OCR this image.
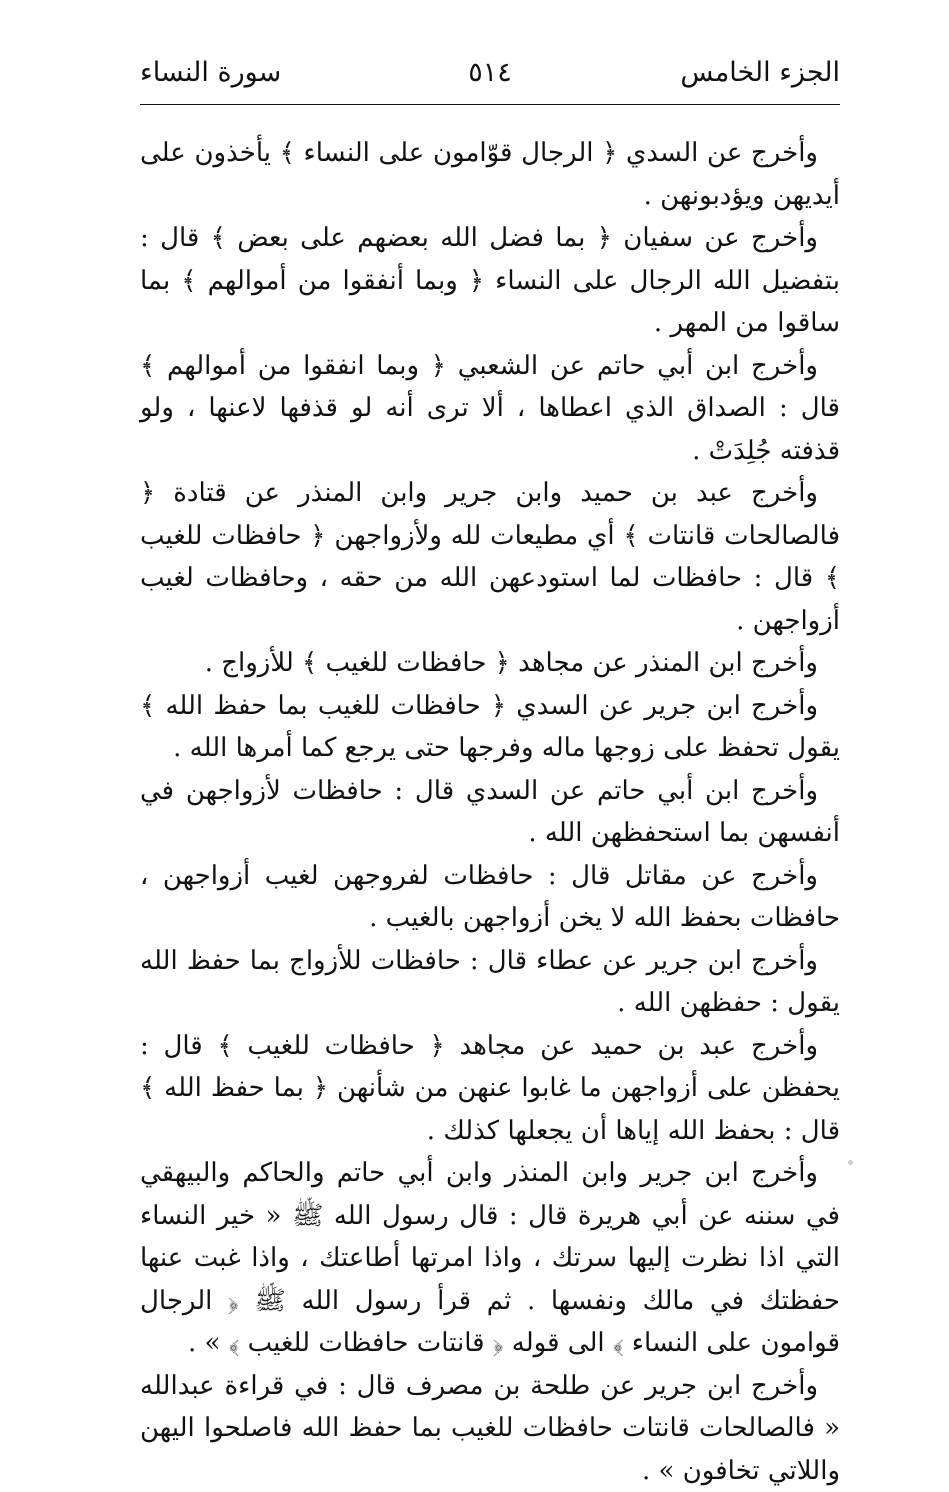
الجزء الخامس
٥١٤
سورة النساء

وأخرج عن السدي ﴿ الرجال قوّامون على النساء ﴾ يأخذون على أيديهن ويؤدبونهن .

وأخرج عن سفيان ﴿ بما فضل الله بعضهم على بعض ﴾ قال : بتفضيل الله الرجال على النساء ﴿ وبما أنفقوا من أموالهم ﴾ بما ساقوا من المهر .

وأخرج ابن أبي حاتم عن الشعبي ﴿ وبما انفقوا من أموالهم ﴾ قال : الصداق الذي اعطاها ، ألا ترى أنه لو قذفها لاعنها ، ولو قذفته جُلِدَتْ .

وأخرج عبد بن حميد وابن جرير وابن المنذر عن قتادة ﴿ فالصالحات قانتات ﴾ أي مطيعات لله ولأزواجهن ﴿ حافظات للغيب ﴾ قال : حافظات لما استودعهن الله من حقه ، وحافظات لغيب أزواجهن .

وأخرج ابن المنذر عن مجاهد ﴿ حافظات للغيب ﴾ للأزواج .

وأخرج ابن جرير عن السدي ﴿ حافظات للغيب بما حفظ الله ﴾ يقول تحفظ على زوجها ماله وفرجها حتى يرجع كما أمرها الله .

وأخرج ابن أبي حاتم عن السدي قال : حافظات لأزواجهن في أنفسهن بما استحفظهن الله .

وأخرج عن مقاتل قال : حافظات لفروجهن لغيب أزواجهن ، حافظات بحفظ الله لا يخن أزواجهن بالغيب .

وأخرج ابن جرير عن عطاء قال : حافظات للأزواج بما حفظ الله يقول : حفظهن الله .

وأخرج عبد بن حميد عن مجاهد ﴿ حافظات للغيب ﴾ قال : يحفظن على أزواجهن ما غابوا عنهن من شأنهن ﴿ بما حفظ الله ﴾ قال : بحفظ الله إياها أن يجعلها كذلك .

وأخرج ابن جرير وابن المنذر وابن أبي حاتم والحاكم والبيهقي في سننه عن أبي هريرة قال : قال رسول الله ﷺ « خير النساء التي اذا نظرت إليها سرتك ، واذا امرتها أطاعتك ، واذا غبت عنها حفظتك في مالك ونفسها . ثم قرأ رسول الله ﷺ ﴿ الرجال قوامون على النساء ﴾ الى قوله ﴿ قانتات حافظات للغيب ﴾ » .

وأخرج ابن جرير عن طلحة بن مصرف قال : في قراءة عبدالله « فالصالحات قانتات حافظات للغيب بما حفظ الله فاصلحوا اليهن واللاتي تخافون » .
